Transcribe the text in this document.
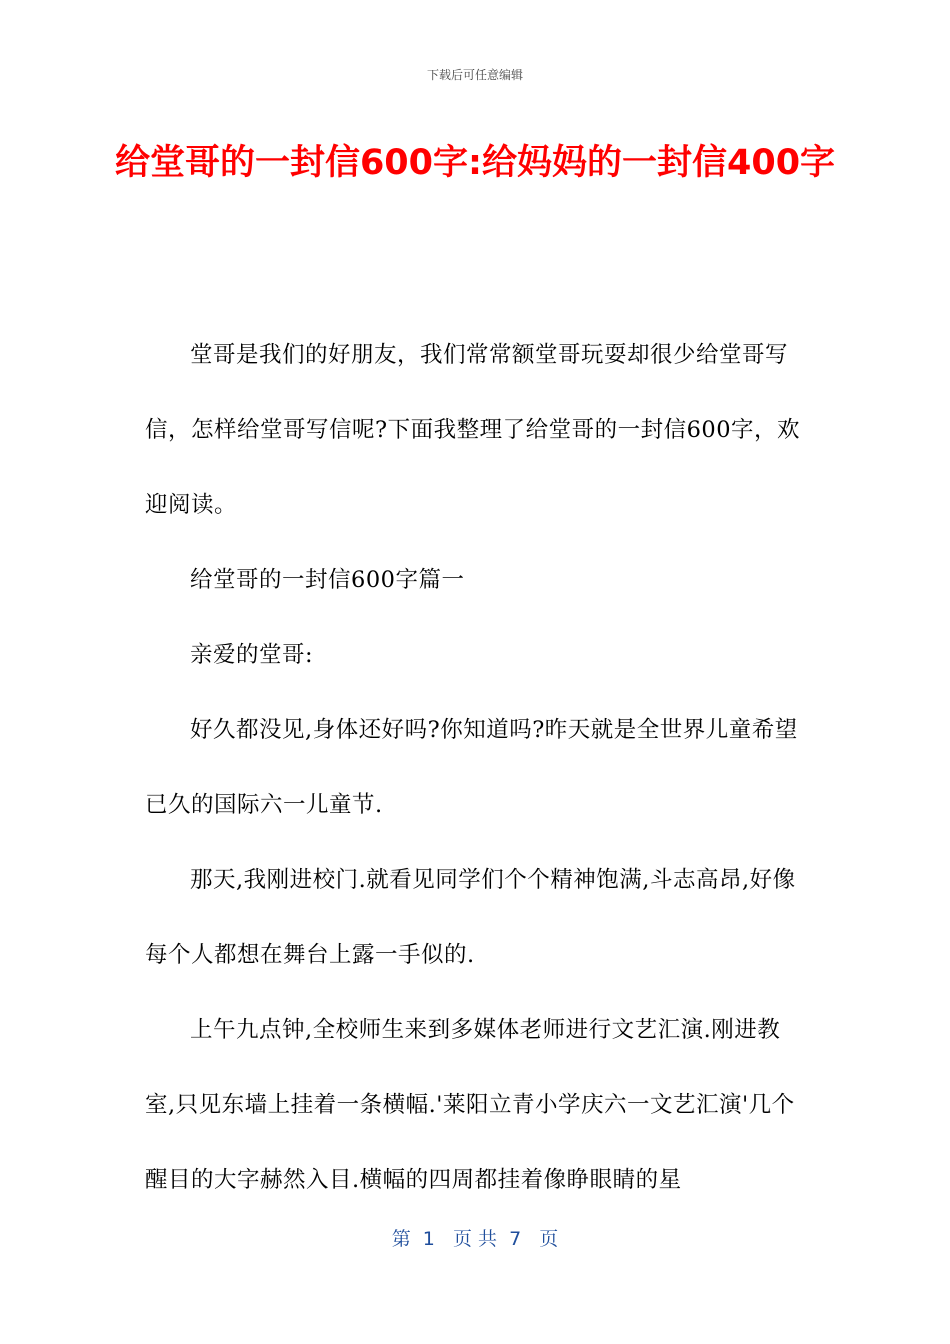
下载后可任意编辑
给堂哥的一封信600字:给妈妈的一封信400字

堂哥是我们的好朋友，我们常常额堂哥玩耍却很少给堂哥写信，怎样给堂哥写信呢?下面我整理了给堂哥的一封信600字，欢迎阅读。

给堂哥的一封信600字篇一

亲爱的堂哥:

好久都没见,身体还好吗?你知道吗?昨天就是全世界儿童希望已久的国际六一儿童节.

那天,我刚进校门.就看见同学们个个精神饱满,斗志高昂,好像每个人都想在舞台上露一手似的.

上午九点钟,全校师生来到多媒体老师进行文艺汇演.刚进教室,只见东墙上挂着一条横幅.'莱阳立青小学庆六一文艺汇演'几个醒目的大字赫然入目.横幅的四周都挂着像睁眼睛的星

第  1   页 共  7   页
